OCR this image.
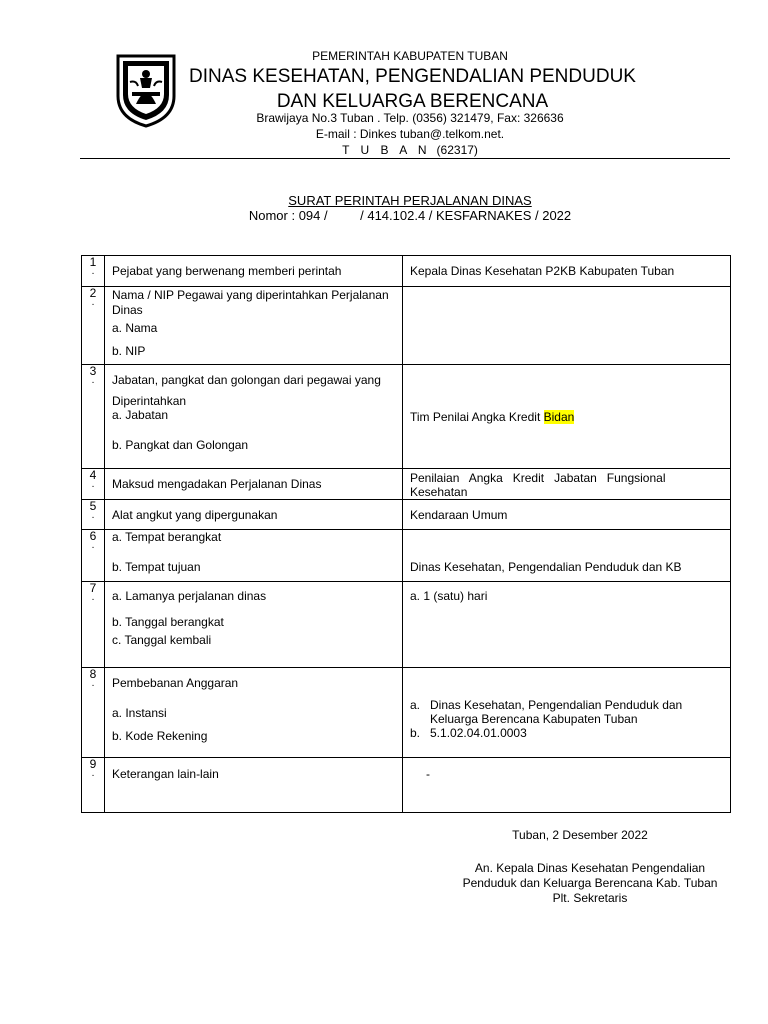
PEMERINTAH KABUPATEN TUBAN
DINAS KESEHATAN, PENGENDALIAN PENDUDUK
DAN KELUARGA BERENCANA
Brawijaya No.3 Tuban . Telp. (0356) 321479, Fax: 326636
E-mail : Dinkes tuban@.telkom.net.
T U B A N (62317)
SURAT PERINTAH PERJALANAN DINAS
Nomor : 094 /         / 414.102.4 / KESFARNAKES / 2022
1
.	Pejabat yang berwenang memberi perintah	Kepala Dinas Kesehatan P2KB Kabupaten Tuban
2
.	Nama / NIP Pegawai yang diperintahkan Perjalanan Dinas
a. Nama
b. NIP	

3
.	Jabatan, pangkat dan golongan dari pegawai yang
Diperintahkan
a. Jabatan
b. Pangkat dan Golongan	Tim Penilai Angka Kredit Bidan

4
.	Maksud mengadakan Perjalanan Dinas	Penilaian   Angka   Kredit   Jabatan   Fungsional
Kesehatan

5
.	Alat angkut yang dipergunakan	Kendaraan Umum
6
.	a. Tempat berangkat
b. Tempat tujuan	Dinas Kesehatan, Pengendalian Penduduk dan KB

7
.	a. Lamanya perjalanan dinas
b. Tanggal berangkat
c. Tanggal kembali	a. 1 (satu) hari

8
.	Pembebanan Anggaran
a. Instansi
b. Kode Rekening	a.   Dinas Kesehatan, Pengendalian Penduduk dan
Keluarga Berencana Kabupaten Tuban
b.   5.1.02.04.01.0003

9
.	Keterangan lain-lain	-
Tuban, 2 Desember 2022
An. Kepala Dinas Kesehatan Pengendalian
Penduduk dan Keluarga Berencana Kab. Tuban
Plt. Sekretaris
